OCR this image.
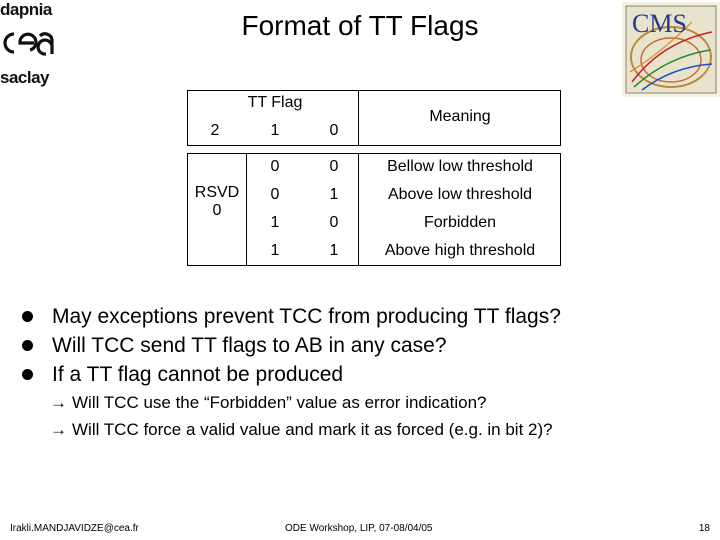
dapnia
saclay
CMS
Format of TT Flags
TT Flag
2	1	0
Meaning
RSVD
0
0	0	Bellow low threshold
0	1	Above low threshold
1	0	Forbidden
1	1	Above high threshold
May exceptions prevent TCC from producing TT flags?
Will TCC send TT flags to AB in any case?
If a TT flag cannot be produced
→ Will TCC use the “Forbidden” value as error indication?
→ Will TCC force a valid value and mark it as forced (e.g. in bit 2)?
Irakli.MANDJAVIDZE@cea.fr	ODE Workshop, LIP, 07-08/04/05	18
